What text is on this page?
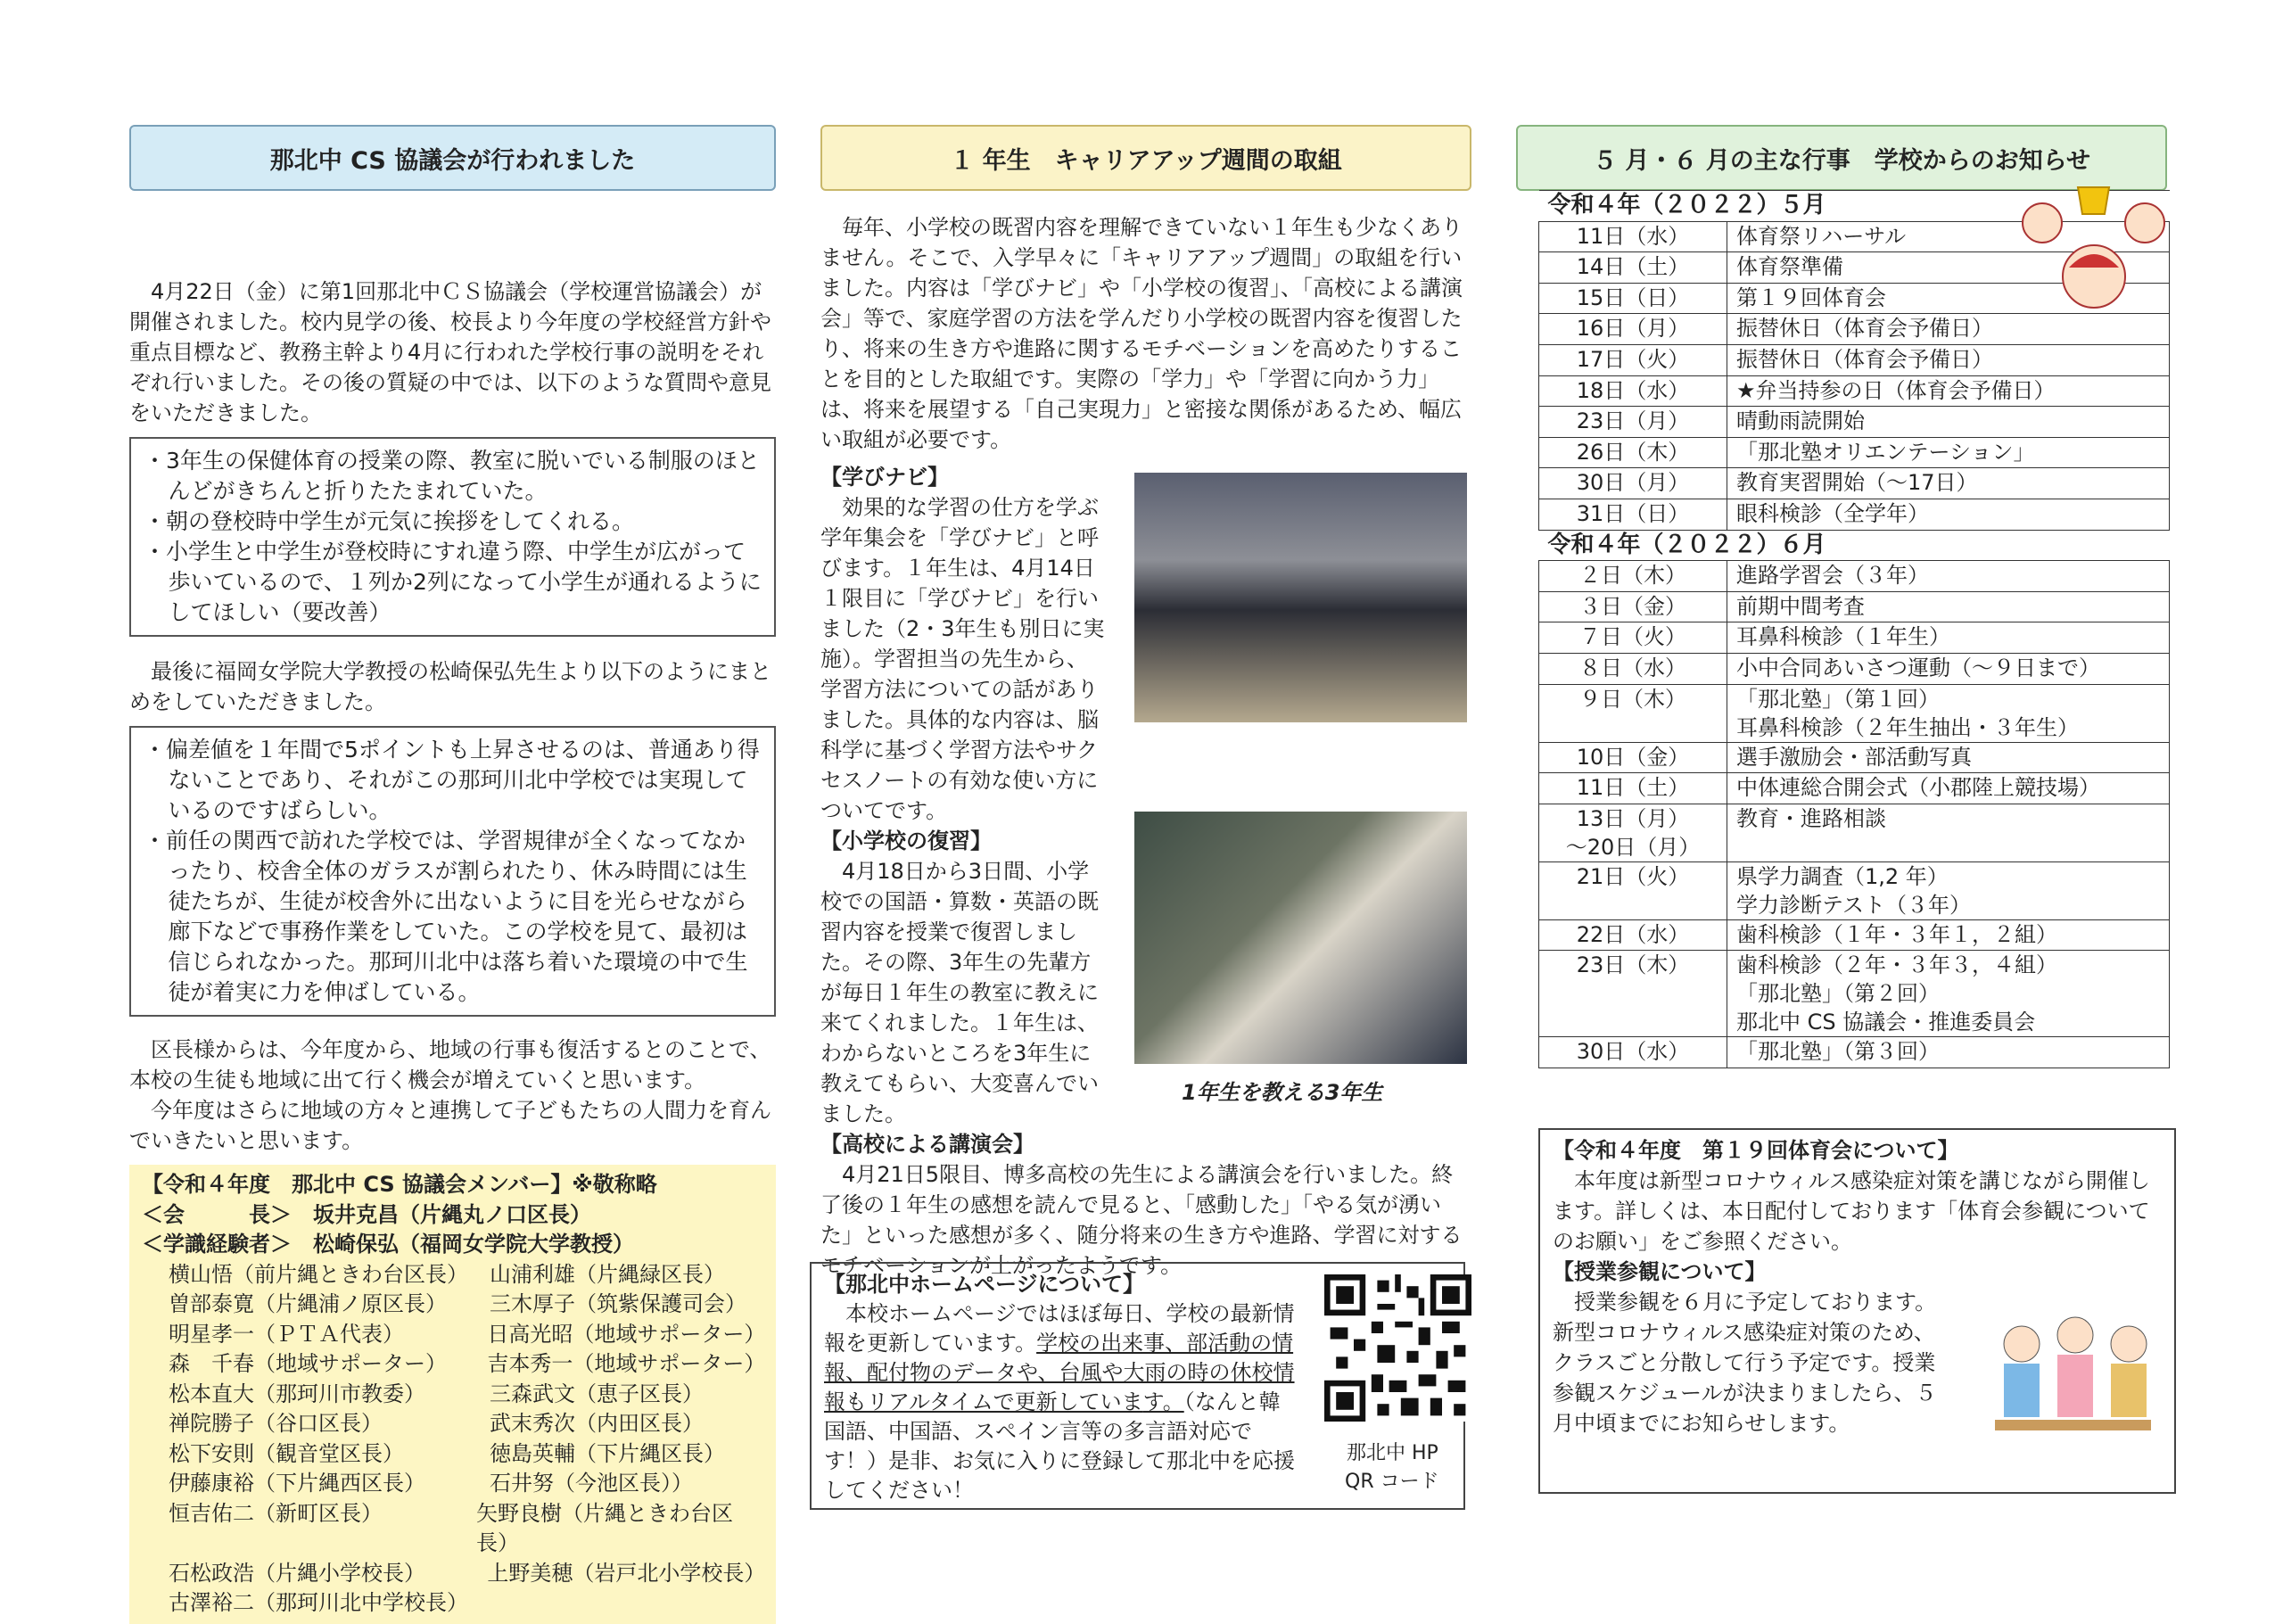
那北中 CS 協議会が行われました

4月22日（金）に第1回那北中ＣＳ協議会（学校運営協議会）が開催されました。校内見学の後、校長より今年度の学校経営方針や重点目標など、教務主幹より4月に行われた学校行事の説明をそれぞれ行いました。その後の質疑の中では、以下のような質問や意見をいただきました。

・3年生の保健体育の授業の際、教室に脱いでいる制服のほとんどがきちんと折りたたまれていた。
・朝の登校時中学生が元気に挨拶をしてくれる。
・小学生と中学生が登校時にすれ違う際、中学生が広がって歩いているので、１列か2列になって小学生が通れるようにしてほしい（要改善）

最後に福岡女学院大学教授の松崎保弘先生より以下のようにまとめをしていただきました。

・偏差値を１年間で5ポイントも上昇させるのは、普通あり得ないことであり、それがこの那珂川北中学校では実現しているのですばらしい。
・前任の関西で訪れた学校では、学習規律が全くなってなかったり、校舎全体のガラスが割られたり、休み時間には生徒たちが、生徒が校舎外に出ないように目を光らせながら廊下などで事務作業をしていた。この学校を見て、最初は信じられなかった。那珂川北中は落ち着いた環境の中で生徒が着実に力を伸ばしている。

区長様からは、今年度から、地域の行事も復活するとのことで、本校の生徒も地域に出て行く機会が増えていくと思います。

今年度はさらに地域の方々と連携して子どもたちの人間力を育んでいきたいと思います。

【令和４年度　那北中 CS 協議会メンバー】※敬称略
＜会　　　長＞　坂井克昌（片縄丸ノ口区長）
＜学識経験者＞　松崎保弘（福岡女学院大学教授）
横山悟（前片縄ときわ台区長）	山浦利雄（片縄緑区長）
曽部泰寛（片縄浦ノ原区長）	三木厚子（筑紫保護司会）
明星孝一（ＰＴＡ代表）	日高光昭（地域サポーター）
森　千春（地域サポーター）	吉本秀一（地域サポーター）
松本直大（那珂川市教委）	三森武文（恵子区長）
禅院勝子（谷口区長）	武末秀次（内田区長）
松下安則（観音堂区長）	徳島英輔（下片縄区長）
伊藤康裕（下片縄西区長）	石井努（今池区長））
恒吉佑二（新町区長）	矢野良樹（片縄ときわ台区長）
石松政浩（片縄小学校長）	上野美穂（岩戸北小学校長）
古澤裕二（那珂川北中学校長）
１ 年生　キャリアアップ週間の取組

毎年、小学校の既習内容を理解できていない１年生も少なくありません。そこで、入学早々に「キャリアアップ週間」の取組を行いました。内容は「学びナビ」や「小学校の復習」、「高校による講演会」等で、家庭学習の方法を学んだり小学校の既習内容を復習したり、将来の生き方や進路に関するモチベーションを高めたりすることを目的とした取組です。実際の「学力」や「学習に向かう力」は、将来を展望する「自己実現力」と密接な関係があるため、幅広い取組が必要です。

【学びナビ】

効果的な学習の仕方を学ぶ学年集会を「学びナビ」と呼びます。１年生は、4月14日１限目に「学びナビ」を行いました（2・3年生も別日に実施）。学習担当の先生から、学習方法についての話がありました。具体的な内容は、脳科学に基づく学習方法やサクセスノートの有効な使い方についてです。

【小学校の復習】

4月18日から3日間、小学校での国語・算数・英語の既習内容を授業で復習しました。その際、3年生の先輩方が毎日１年生の教室に教えに来てくれました。１年生は、わからないところを3年生に教えてもらい、大変喜んでいました。

【高校による講演会】

4月21日5限目、博多高校の先生による講演会を行いました。終了後の１年生の感想を読んで見ると、「感動した」「やる気が湧いた」といった感想が多く、随分将来の生き方や進路、学習に対するモチベーションが上がったようです。

1年生を教える3年生
【那北中ホームページについて】
本校ホームページではほぼ毎日、学校の最新情報を更新しています。学校の出来事、部活動の情報、配付物のデータや、台風や大雨の時の休校情報もリアルタイムで更新しています。（なんと韓国語、中国語、スペイン言等の多言語対応です！）是非、お気に入りに登録して那北中を応援してください！
那北中 HP
QR コード
５ 月・６ 月の主な行事　学校からのお知らせ
令和４年（２０２２）５月	
11日（水）	体育祭リハーサル
14日（土）	体育祭準備
15日（日）	第１９回体育会
16日（月）	振替休日（体育会予備日）
17日（火）	振替休日（体育会予備日）
18日（水）	★弁当持参の日（体育会予備日）
23日（月）	晴動雨読開始
26日（木）	「那北塾オリエンテーション」
30日（月）	教育実習開始（～17日）
31日（日）	眼科検診（全学年）
令和４年（２０２２）６月	
２日（木）	進路学習会（３年）
３日（金）	前期中間考査
７日（火）	耳鼻科検診（１年生）
８日（水）	小中合同あいさつ運動（～９日まで）
９日（木）	「那北塾」（第１回）
耳鼻科検診（２年生抽出・３年生）
10日（金）	選手激励会・部活動写真
11日（土）	中体連総合開会式（小郡陸上競技場）
13日（月）
～20日（月）	教育・進路相談
21日（火）	県学力調査（1,2 年）
学力診断テスト（３年）
22日（水）	歯科検診（１年・３年１，２組）
23日（木）	歯科検診（２年・３年３，４組）
「那北塾」（第２回）
那北中 CS 協議会・推進委員会
30日（水）	「那北塾」（第３回）
【令和４年度　第１９回体育会について】

本年度は新型コロナウィルス感染症対策を講じながら開催します。詳しくは、本日配付しております「体育会参観についてのお願い」をご参照ください。

【授業参観について】

授業参観を６月に予定しております。新型コロナウィルス感染症対策のため、クラスごと分散して行う予定です。授業参観スケジュールが決まりましたら、５月中頃までにお知らせします。
